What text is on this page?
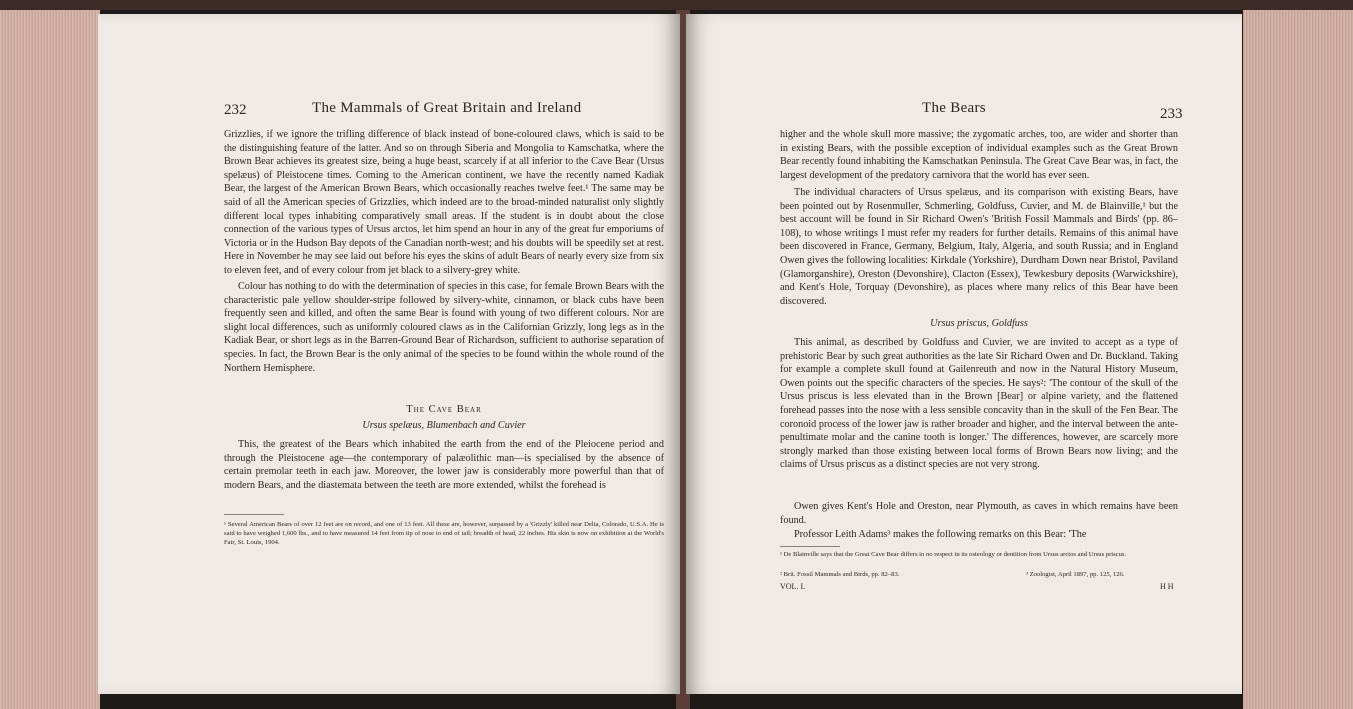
232	The Mammals of Great Britain and Ireland

Grizzlies, if we ignore the trifling difference of black instead of bone-coloured claws, which is said to be the distinguishing feature of the latter. And so on through Siberia and Mongolia to Kamschatka, where the Brown Bear achieves its greatest size, being a huge beast, scarcely if at all inferior to the Cave Bear (Ursus spelæus) of Pleistocene times. Coming to the American continent, we have the recently named Kadiak Bear, the largest of the American Brown Bears, which occasionally reaches twelve feet.¹ The same may be said of all the American species of Grizzlies, which indeed are to the broad-minded naturalist only slightly different local types inhabiting comparatively small areas. If the student is in doubt about the close connection of the various types of Ursus arctos, let him spend an hour in any of the great fur emporiums of Victoria or in the Hudson Bay depots of the Canadian north-west; and his doubts will be speedily set at rest. Here in November he may see laid out before his eyes the skins of adult Bears of nearly every size from six to eleven feet, and of every colour from jet black to a silvery-grey white.

Colour has nothing to do with the determination of species in this case, for female Brown Bears with the characteristic pale yellow shoulder-stripe followed by silvery-white, cinnamon, or black cubs have been frequently seen and killed, and often the same Bear is found with young of two different colours. Nor are slight local differences, such as uniformly coloured claws as in the Californian Grizzly, long legs as in the Kadiak Bear, or short legs as in the Barren-Ground Bear of Richardson, sufficient to authorise separation of species. In fact, the Brown Bear is the only animal of the species to be found within the whole round of the Northern Hemisphere.

The Cave Bear

Ursus spelæus, Blumenbach and Cuvier

This, the greatest of the Bears which inhabited the earth from the end of the Pleiocene period and through the Pleistocene age—the contemporary of palæolithic man—is specialised by the absence of certain premolar teeth in each jaw. Moreover, the lower jaw is considerably more powerful than that of modern Bears, and the diastemata between the teeth are more extended, whilst the forehead is

¹ Several American Bears of over 12 feet are on record, and one of 13 feet. All these are, however, surpassed by a 'Grizzly' killed near Delta, Colorado, U.S.A. He is said to have weighed 1,600 lbs., and to have measured 14 feet from tip of nose to end of tail; breadth of head, 22 inches. His skin is now on exhibition at the World's Fair, St. Louis, 1904.

The Bears	233

higher and the whole skull more massive; the zygomatic arches, too, are wider and shorter than in existing Bears, with the possible exception of individual examples such as the Great Brown Bear recently found inhabiting the Kamschatkan Peninsula. The Great Cave Bear was, in fact, the largest development of the predatory carnivora that the world has ever seen.

The individual characters of Ursus spelæus, and its comparison with existing Bears, have been pointed out by Rosenmuller, Schmerling, Goldfuss, Cuvier, and M. de Blainville,¹ but the best account will be found in Sir Richard Owen's 'British Fossil Mammals and Birds' (pp. 86–108), to whose writings I must refer my readers for further details. Remains of this animal have been discovered in France, Germany, Belgium, Italy, Algeria, and south Russia; and in England Owen gives the following localities: Kirkdale (Yorkshire), Durdham Down near Bristol, Paviland (Glamorganshire), Oreston (Devonshire), Clacton (Essex), Tewkesbury deposits (Warwickshire), and Kent's Hole, Torquay (Devonshire), as places where many relics of this Bear have been discovered.

Ursus priscus, Goldfuss

This animal, as described by Goldfuss and Cuvier, we are invited to accept as a type of prehistoric Bear by such great authorities as the late Sir Richard Owen and Dr. Buckland. Taking for example a complete skull found at Gailenreuth and now in the Natural History Museum, Owen points out the specific characters of the species. He says²: 'The contour of the skull of the Ursus priscus is less elevated than in the Brown [Bear] or alpine variety, and the flattened forehead passes into the nose with a less sensible concavity than in the skull of the Fen Bear. The coronoid process of the lower jaw is rather broader and higher, and the interval between the ante-penultimate molar and the canine tooth is longer.' The differences, however, are scarcely more strongly marked than those existing between local forms of Brown Bears now living; and the claims of Ursus priscus as a distinct species are not very strong.

Owen gives Kent's Hole and Oreston, near Plymouth, as caves in which remains have been found.

Professor Leith Adams³ makes the following remarks on this Bear: 'The

¹ De Blainville says that the Great Cave Bear differs in no respect in its osteology or dentition from Ursus arctos and Ursus priscus.

² Brit. Fossil Mammals and Birds, pp. 82–83.	³ Zoologist, April 1897, pp. 125, 126.

VOL. I.	H H
